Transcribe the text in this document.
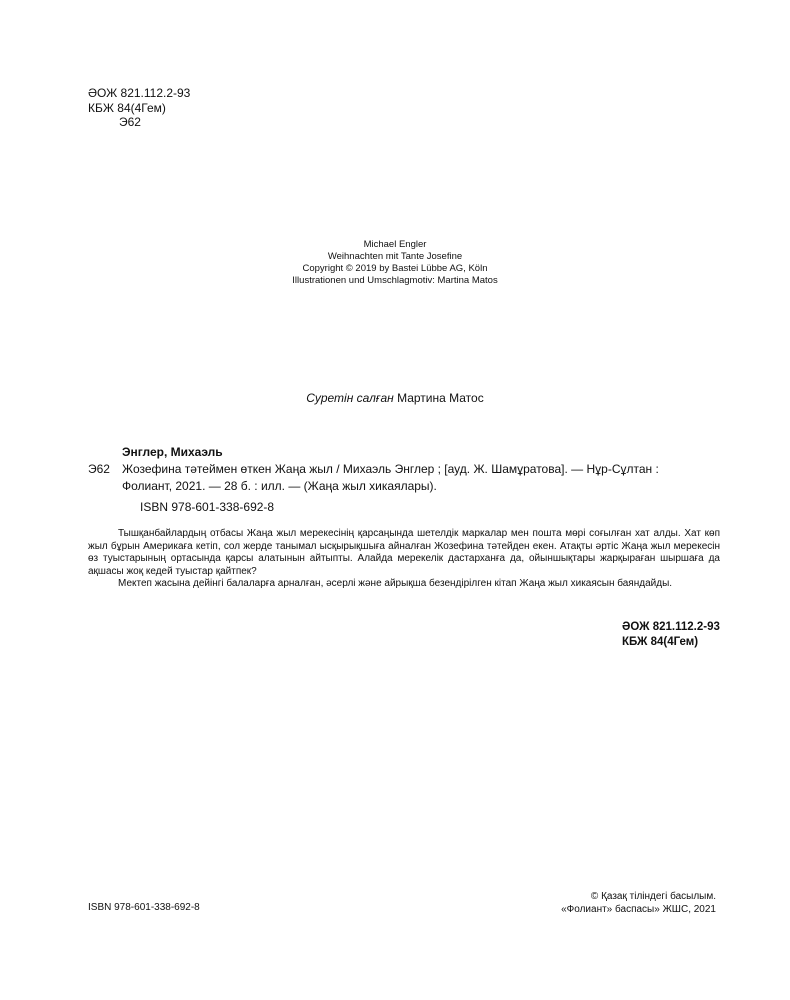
ӘОЖ 821.112.2-93
КБЖ 84(4Гем)
Э62
Michael Engler
Weihnachten mit Tante Josefine
Copyright © 2019 by Bastei Lübbe AG, Köln
Illustrationen und Umschlagmotiv: Martina Matos
Суретін салған Мартина Матос
Энглер, Михаэль
Э62	Жозефина тәтеймен өткен Жаңа жыл / Михаэль Энглер ; [ауд. Ж. Шамұратова]. — Нұр-Сұлтан :
Фолиант, 2021. — 28 б. : илл. — (Жаңа жыл хикаялары).
ISBN 978-601-338-692-8

Тышқанбайлардың отбасы Жаңа жыл мерекесінің қарсаңында шетелдік маркалар мен пошта мөрі соғылған хат алды. Хат көп жыл бұрын Америкаға кетіп, сол жерде танымал ысқырықшыға айналған Жозефина тәтейден екен. Атақты әртіс Жаңа жыл мерекесін өз туыстарының ортасында қарсы алатынын айтыпты. Алайда мерекелік дастарханға да, ойыншықтары жарқыраған шыршаға да ақшасы жоқ кедей туыстар қайтпек?

Мектеп жасына дейінгі балаларға арналған, әсерлі және айрықша безендірілген кітап Жаңа жыл хикаясын баяндайды.

ӘОЖ 821.112.2-93
КБЖ 84(4Гем)
ISBN 978-601-338-692-8
© Қазақ тіліндегі басылым.
«Фолиант» баспасы» ЖШС, 2021
